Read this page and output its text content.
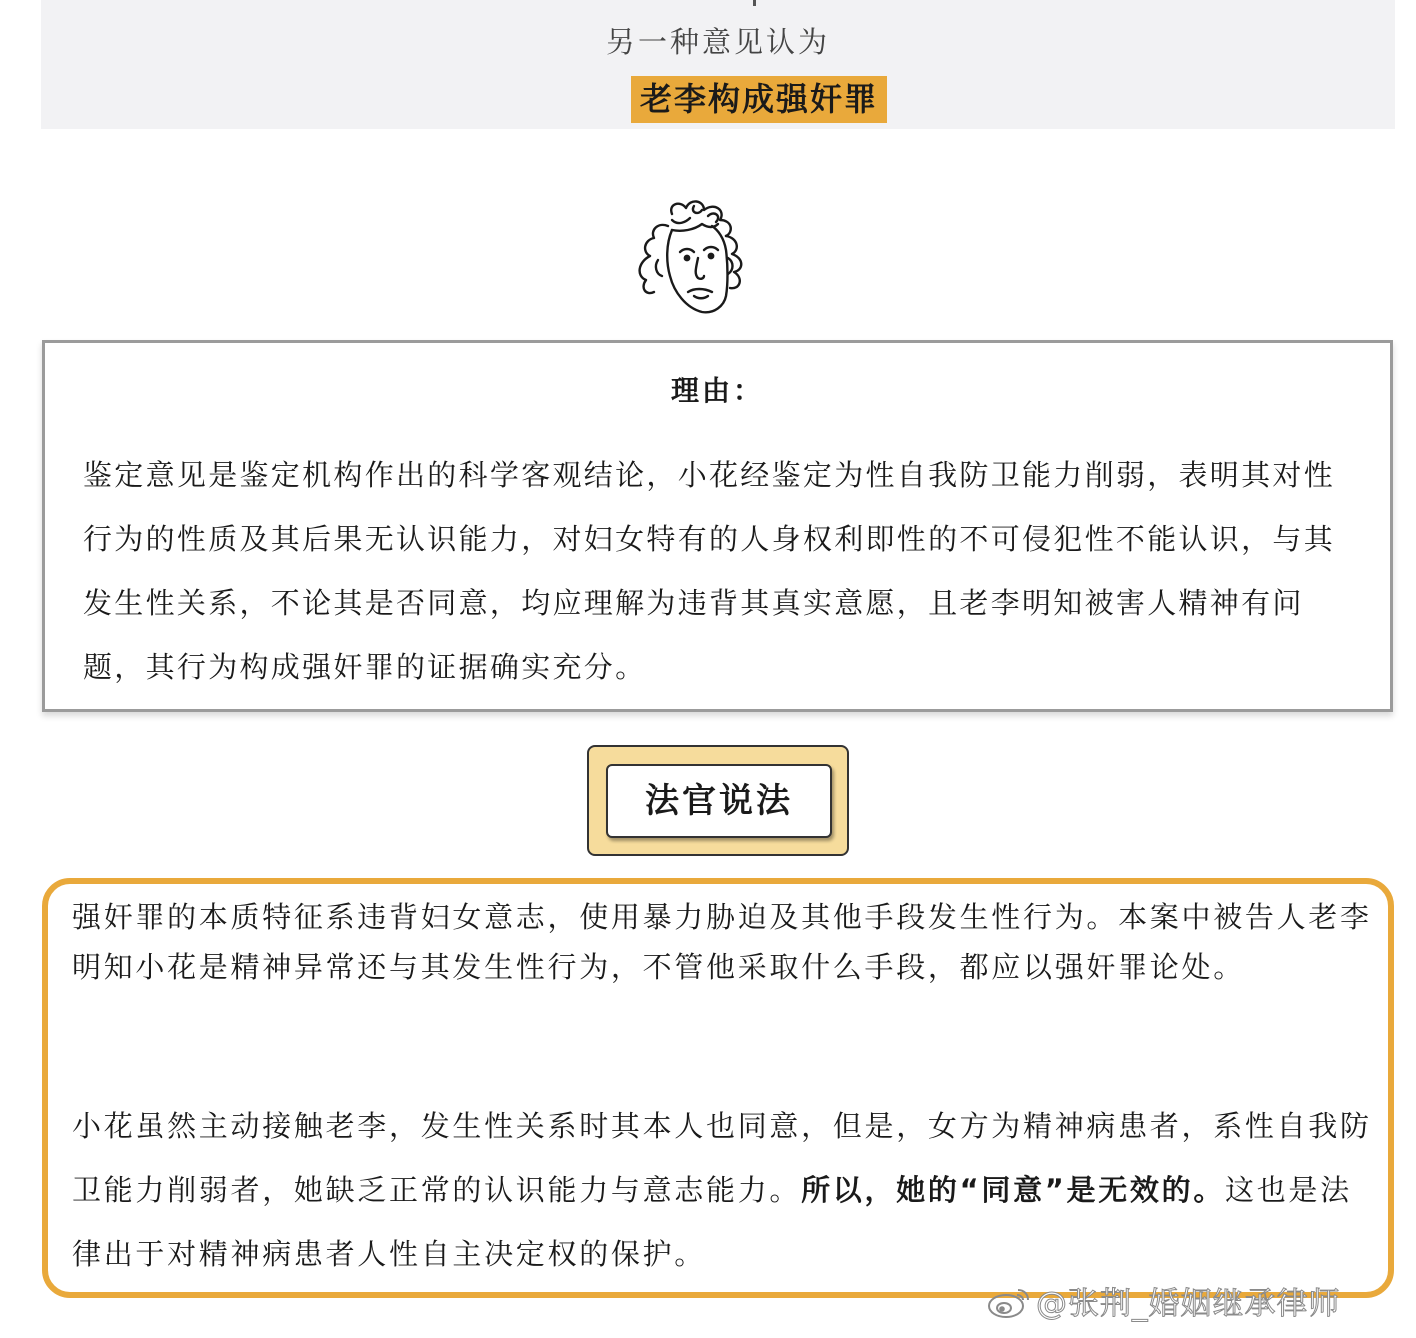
另一种意见认为
老李构成强奸罪
理由：

鉴定意见是鉴定机构作出的科学客观结论，小花经鉴定为性自我防卫能力削弱，表明其对性行为的性质及其后果无认识能力，对妇女特有的人身权利即性的不可侵犯性不能认识，与其发生性关系，不论其是否同意，均应理解为违背其真实意愿，且老李明知被害人精神有问题，其行为构成强奸罪的证据确实充分。

法官说法

强奸罪的本质特征系违背妇女意志，使用暴力胁迫及其他手段发生性行为。本案中被告人老李明知小花是精神异常还与其发生性行为，不管他采取什么手段，都应以强奸罪论处。

小花虽然主动接触老李，发生性关系时其本人也同意，但是，女方为精神病患者，系性自我防卫能力削弱者，她缺乏正常的认识能力与意志能力。所以，她的“同意”是无效的。这也是法律出于对精神病患者人性自主决定权的保护。

@张荆_婚姻继承律师
